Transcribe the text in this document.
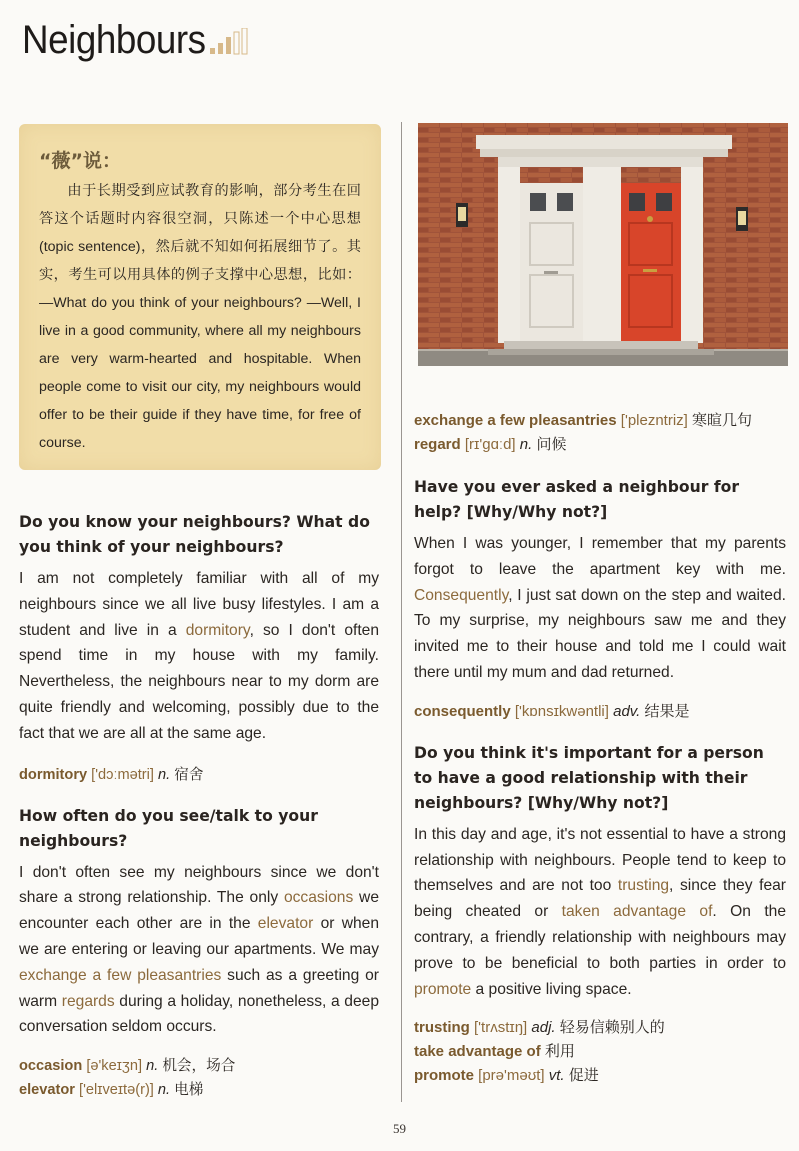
Neighbours

“薇”说：

由于长期受到应试教育的影响，部分考生在回答这个话题时内容很空洞，只陈述一个中心思想 (topic sentence)，然后就不知如何拓展细节了。其实，考生可以用具体的例子支撑中心思想，比如：—What do you think of your neighbours? —Well, I live in a good community, where all my neighbours are very warm-hearted and hospitable. When people come to visit our city, my neighbours would offer to be their guide if they have time, for free of course.

Do you know your neighbours? What do you think of your neighbours?

I am not completely familiar with all of my neighbours since we all live busy lifestyles. I am a student and live in a dormitory, so I don't often spend time in my house with my family. Nevertheless, the neighbours near to my dorm are quite friendly and welcoming, possibly due to the fact that we are all at the same age.

dormitory ['dɔːmətri] n. 宿舍

How often do you see/talk to your neighbours?

I don't often see my neighbours since we don't share a strong relationship. The only occasions we encounter each other are in the elevator or when we are entering or leaving our apartments. We may exchange a few pleasantries such as a greeting or warm regards during a holiday, nonetheless, a deep conversation seldom occurs.

occasion [ə'keɪʒn] n. 机会，场合

elevator ['elɪveɪtə(r)] n. 电梯

exchange a few pleasantries ['plezntriz] 寒暄几句

regard [rɪ'gɑːd] n. 问候

Have you ever asked a neighbour for help? [Why/Why not?]

When I was younger, I remember that my parents forgot to leave the apartment key with me. Consequently, I just sat down on the step and waited. To my surprise, my neighbours saw me and they invited me to their house and told me I could wait there until my mum and dad returned.

consequently ['kɒnsɪkwəntli] adv. 结果是

Do you think it's important for a person to have a good relationship with their neighbours? [Why/Why not?]

In this day and age, it's not essential to have a strong relationship with neighbours. People tend to keep to themselves and are not too trusting, since they fear being cheated or taken advantage of. On the contrary, a friendly relationship with neighbours may prove to be beneficial to both parties in order to promote a positive living space.

trusting ['trʌstɪŋ] adj. 轻易信赖别人的

take advantage of 利用

promote [prə'məʊt] vt. 促进

59
